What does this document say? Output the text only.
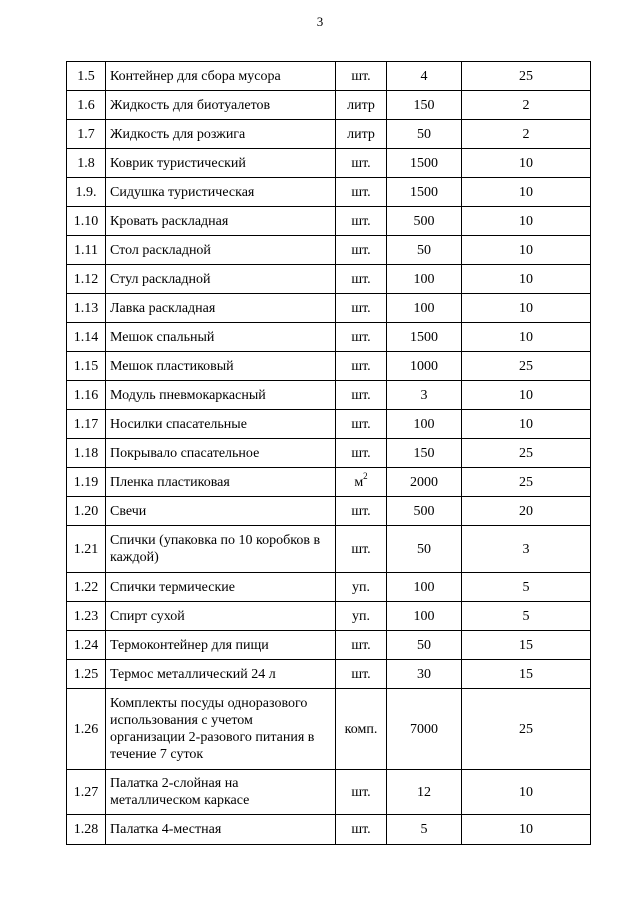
3
1.5	Контейнер для сбора мусора	шт.	4	25
1.6	Жидкость для биотуалетов	литр	150	2
1.7	Жидкость для розжига	литр	50	2
1.8	Коврик туристический	шт.	1500	10
1.9.	Сидушка туристическая	шт.	1500	10
1.10	Кровать раскладная	шт.	500	10
1.11	Стол раскладной	шт.	50	10
1.12	Стул раскладной	шт.	100	10
1.13	Лавка раскладная	шт.	100	10
1.14	Мешок спальный	шт.	1500	10
1.15	Мешок пластиковый	шт.	1000	25
1.16	Модуль пневмокаркасный	шт.	3	10
1.17	Носилки спасательные	шт.	100	10
1.18	Покрывало спасательное	шт.	150	25
1.19	Пленка пластиковая	$м^2$	2000	25
1.20	Свечи	шт.	500	20
1.21	Спички (упаковка по 10 коробков в каждой)	шт.	50	3
1.22	Спички термические	уп.	100	5
1.23	Спирт сухой	уп.	100	5
1.24	Термоконтейнер для пищи	шт.	50	15
1.25	Термос металлический 24 л	шт.	30	15
1.26	Комплекты посуды одноразового использования с учетом организации 2-разового питания в течение 7 суток	комп.	7000	25
1.27	Палатка 2-слойная на металлическом каркасе	шт.	12	10
1.28	Палатка 4-местная	шт.	5	10
